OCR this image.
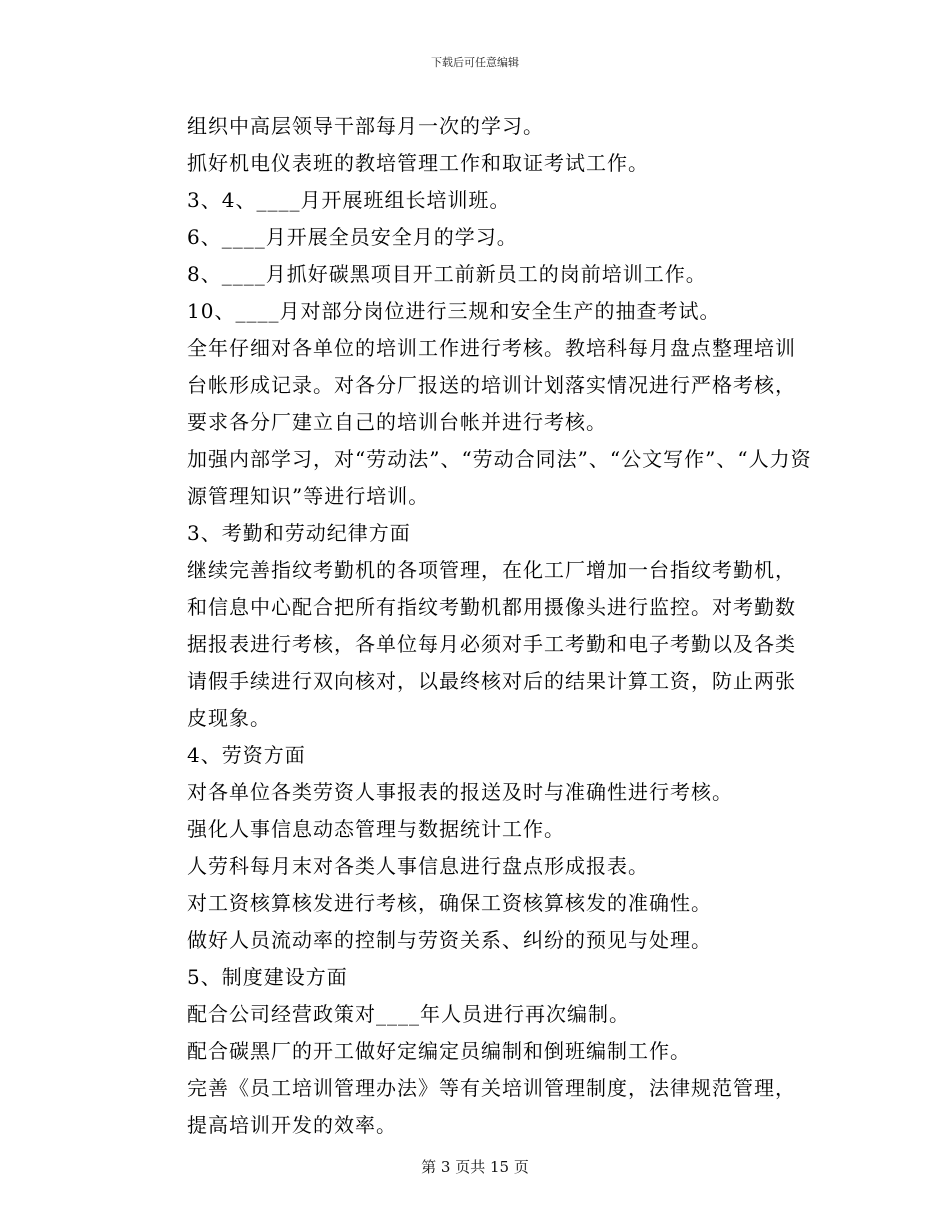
下载后可任意编辑

组织中高层领导干部每月一次的学习。

抓好机电仪表班的教培管理工作和取证考试工作。

3、4、____月开展班组长培训班。

6、____月开展全员安全月的学习。

8、____月抓好碳黑项目开工前新员工的岗前培训工作。

10、____月对部分岗位进行三规和安全生产的抽查考试。

全年仔细对各单位的培训工作进行考核。教培科每月盘点整理培训台帐形成记录。对各分厂报送的培训计划落实情况进行严格考核，要求各分厂建立自己的培训台帐并进行考核。

加强内部学习，对“劳动法”、“劳动合同法”、“公文写作”、“人力资源管理知识”等进行培训。

3、考勤和劳动纪律方面

继续完善指纹考勤机的各项管理，在化工厂增加一台指纹考勤机，和信息中心配合把所有指纹考勤机都用摄像头进行监控。对考勤数据报表进行考核，各单位每月必须对手工考勤和电子考勤以及各类请假手续进行双向核对，以最终核对后的结果计算工资，防止两张皮现象。

4、劳资方面

对各单位各类劳资人事报表的报送及时与准确性进行考核。

强化人事信息动态管理与数据统计工作。

人劳科每月末对各类人事信息进行盘点形成报表。

对工资核算核发进行考核，确保工资核算核发的准确性。

做好人员流动率的控制与劳资关系、纠纷的预见与处理。

5、制度建设方面

配合公司经营政策对____年人员进行再次编制。

配合碳黑厂的开工做好定编定员编制和倒班编制工作。

完善《员工培训管理办法》等有关培训管理制度，法律规范管理，提高培训开发的效率。

第 3 页共 15 页
